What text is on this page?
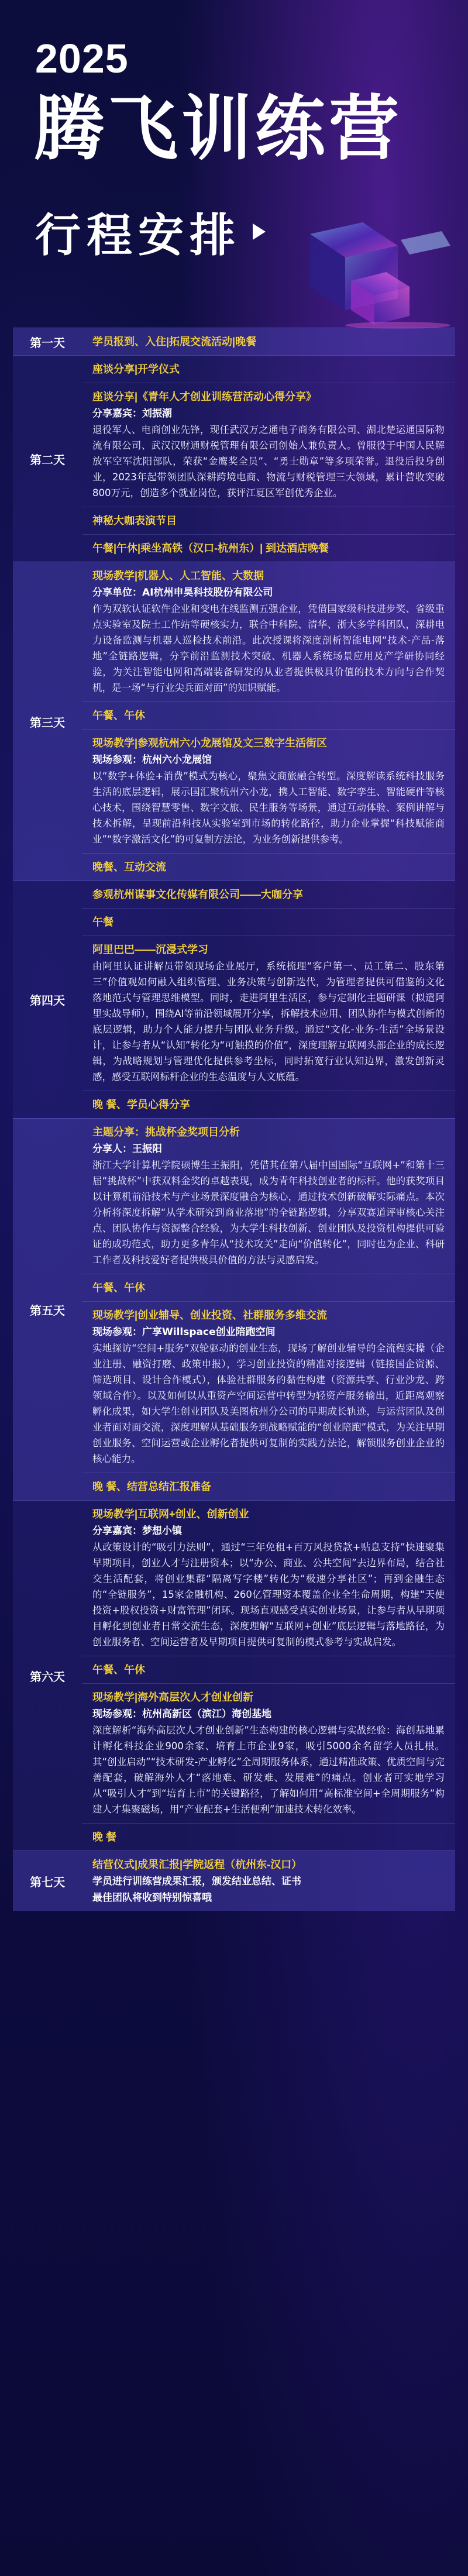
2025
腾飞训练营
行程安排
第一天	学员报到、入住|拓展交流活动|晚餐
第二天
座谈分享|开学仪式
座谈分享|《青年人才创业训练营活动心得分享》
分享嘉宾：刘振潮
退役军人、电商创业先锋，现任武汉万之通电子商务有限公司、湖北楚运通国际物流有限公司、武汉汉财通财税管理有限公司创始人兼负责人。曾服役于中国人民解放军空军沈阳部队，荣获“金鹰奖全员”、“勇士勋章”等多项荣誉。退役后投身创业，2023年起带领团队深耕跨境电商、物流与财税管理三大领域，累计营收突破800万元，创造多个就业岗位，获评江夏区军创优秀企业。
神秘大咖表演节目
午餐|午休|乘坐高铁（汉口-杭州东）| 到达酒店晚餐
第三天
现场教学|机器人、人工智能、大数据
分享单位：AI杭州申昊科技股份有限公司
作为双软认证软件企业和变电在线监测五强企业，凭借国家级科技进步奖、省级重点实验室及院士工作站等硬核实力，联合中科院、清华、浙大多学科团队，深耕电力设备监测与机器人巡检技术前沿。此次授课将深度剖析智能电网“技术-产品-落地”全链路逻辑，分享前沿监测技术突破、机器人系统场景应用及产学研协同经验，为关注智能电网和高端装备研发的从业者提供极具价值的技术方向与合作契机，是一场“与行业尖兵面对面”的知识赋能。
午餐、午休
现场教学|参观杭州六小龙展馆及文三数字生活街区
现场参观：杭州六小龙展馆
以“数字+体验+消费”模式为核心，聚焦文商旅融合转型。深度解读系统科技服务生活的底层逻辑，展示国汇聚杭州六小龙，携人工智能、数字孪生、智能硬件等核心技术，围绕智慧零售、数字文旅、民生服务等场景，通过互动体验、案例讲解与技术拆解，呈现前沿科技从实验室到市场的转化路径，助力企业掌握“科技赋能商业”“数字激活文化”的可复制方法论，为业务创新提供参考。
晚餐、互动交流
第四天
参观杭州谋事文化传媒有限公司——大咖分享
午餐
阿里巴巴——沉浸式学习
由阿里认证讲解员带领现场企业展厅，系统梳理“客户第一、员工第二、股东第三”价值观如何融入组织管理、业务决策与创新迭代，为管理者提供可借鉴的文化落地范式与管理思维模型。同时，走进阿里生活区，参与定制化主题研课（拟遣阿里实战导师），围绕AI等前沿领域展开分享，拆解技术应用、团队协作与模式创新的底层逻辑，助力个人能力提升与团队业务升级。通过“文化-业务-生活”全场景设计，让参与者从“认知”转化为“可触摸的价值”，深度理解互联网头部企业的成长逻辑，为战略规划与管理优化提供参考坐标，同时拓宽行业认知边界，激发创新灵感，感受互联网标杆企业的生态温度与人文底蕴。
晚 餐、学员心得分享
第五天
主题分享：挑战杯金奖项目分析
分享人：王振阳
浙江大学计算机学院硕博生王振阳，凭借其在第八届中国国际“互联网+”和第十三届“挑战杯”中获双料金奖的卓越表现，成为青年科技创业者的标杆。他的获奖项目以计算机前沿技术与产业场景深度融合为核心，通过技术创新破解实际痛点。本次分析将深度拆解“从学术研究到商业落地”的全链路逻辑，分享双赛道评审核心关注点、团队协作与资源整合经验，为大学生科技创新、创业团队及投资机构提供可验证的成功范式，助力更多青年从“技术攻关”走向“价值转化”，同时也为企业、科研工作者及科技爱好者提供极具价值的方法与灵感启发。
午餐、午休
现场教学|创业辅导、创业投资、社群服务多维交流
现场参观：广享Willspace创业陪跑空间
实地探访“空间+服务”双轮驱动的创业生态，现场了解创业辅导的全流程实操（企业注册、融资打磨、政策申报），学习创业投资的精准对接逻辑（链接国企资源、筛选项目、设计合作模式），体验社群服务的黏性构建（资源共享、行业沙龙、跨领域合作）。以及如何以从重资产空间运营中转型为轻资产服务输出，近距离观察孵化成果，如大学生创业团队及美图杭州分公司的早期成长轨迹，与运营团队及创业者面对面交流，深度理解从基础服务到战略赋能的“创业陪跑”模式，为关注早期创业服务、空间运营或企业孵化者提供可复制的实践方法论，解锁服务创业企业的核心能力。
晚 餐、结营总结汇报准备
第六天
现场教学|互联网+创业、创新创业
分享嘉宾：梦想小镇
从政策设计的“吸引力法则”，通过“三年免租+百万风投贷款+贴息支持”快速聚集早期项目，创业人才与注册资本；以“办公、商业、公共空间”去边界布局，结合社交生活配套，将创业集群“隔离写字楼”转化为“极速分享社区”；再到金融生态的“全链服务”，15家金融机构、260亿管理资本覆盖企业全生命周期，构建“天使投资+股权投资+财富管理”闭环。现场直观感受真实创业场景，让参与者从早期项目孵化到创业者日常交流生态，深度理解“互联网+创业”底层逻辑与落地路径，为创业服务者、空间运营者及早期项目提供可复制的模式参考与实战启发。
午餐、午休
现场教学|海外高层次人才创业创新
现场参观：杭州高新区（滨江）海创基地
深度解析“海外高层次人才创业创新”生态构建的核心逻辑与实战经验：海创基地累计孵化科技企业900余家、培育上市企业9家，吸引5000余名留学人员扎根。其“创业启动”“技术研发-产业孵化”全周期服务体系，通过精准政策、优质空间与完善配套，破解海外人才“落地难、研发难、发展难”的痛点。创业者可实地学习从“吸引人才”到“培育上市”的关键路径，了解如何用“高标准空间+全周期服务”构建人才集聚磁场，用“产业配套+生活便利”加速技术转化效率。
晚 餐
第七天
结营仪式|成果汇报|学院返程（杭州东-汉口）
学员进行训练营成果汇报，颁发结业总结、证书
最佳团队将收到特别惊喜哦
